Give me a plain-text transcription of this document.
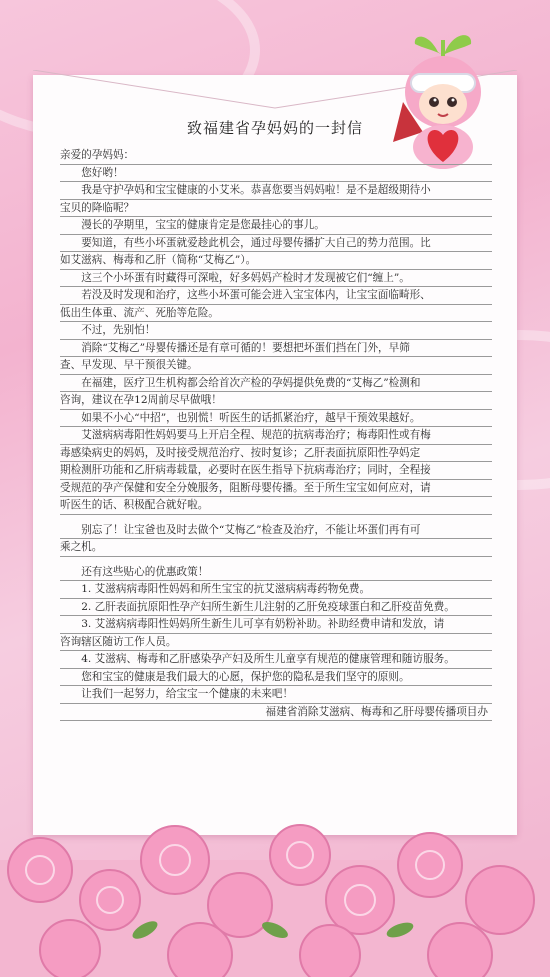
致福建省孕妈妈的一封信
亲爱的孕妈妈：
您好哟！
我是守护孕妈和宝宝健康的小艾米。恭喜您要当妈妈啦！是不是超级期待小
宝贝的降临呢？
漫长的孕期里，宝宝的健康肯定是您最挂心的事儿。
要知道，有些小坏蛋就爱趁此机会，通过母婴传播扩大自己的势力范围。比
如艾滋病、梅毒和乙肝（简称“艾梅乙”）。
这三个小坏蛋有时藏得可深啦，好多妈妈产检时才发现被它们“缠上”。
若没及时发现和治疗，这些小坏蛋可能会进入宝宝体内，让宝宝面临畸形、
低出生体重、流产、死胎等危险。
不过，先别怕！
消除“艾梅乙”母婴传播还是有章可循的！要想把坏蛋们挡在门外，早筛
查、早发现、早干预很关键。
在福建，医疗卫生机构都会给首次产检的孕妈提供免费的“艾梅乙”检测和
咨询，建议在孕12周前尽早做哦！
如果不小心“中招”，也别慌！听医生的话抓紧治疗，越早干预效果越好。
艾滋病病毒阳性妈妈要马上开启全程、规范的抗病毒治疗；梅毒阳性或有梅
毒感染病史的妈妈，及时接受规范治疗、按时复诊；乙肝表面抗原阳性孕妈定
期检测肝功能和乙肝病毒载量，必要时在医生指导下抗病毒治疗；同时，全程接
受规范的孕产保健和安全分娩服务，阻断母婴传播。至于所生宝宝如何应对，请
听医生的话、积极配合就好啦。
别忘了！让宝爸也及时去做个“艾梅乙”检查及治疗，不能让坏蛋们再有可
乘之机。
还有这些贴心的优惠政策！
1. 艾滋病病毒阳性妈妈和所生宝宝的抗艾滋病病毒药物免费。
2. 乙肝表面抗原阳性孕产妇所生新生儿注射的乙肝免疫球蛋白和乙肝疫苗免费。
3. 艾滋病病毒阳性妈妈所生新生儿可享有奶粉补助。补助经费申请和发放，请
咨询辖区随访工作人员。
4. 艾滋病、梅毒和乙肝感染孕产妇及所生儿童享有规范的健康管理和随访服务。
您和宝宝的健康是我们最大的心愿，保护您的隐私是我们坚守的原则。
让我们一起努力，给宝宝一个健康的未来吧！
福建省消除艾滋病、梅毒和乙肝母婴传播项目办
